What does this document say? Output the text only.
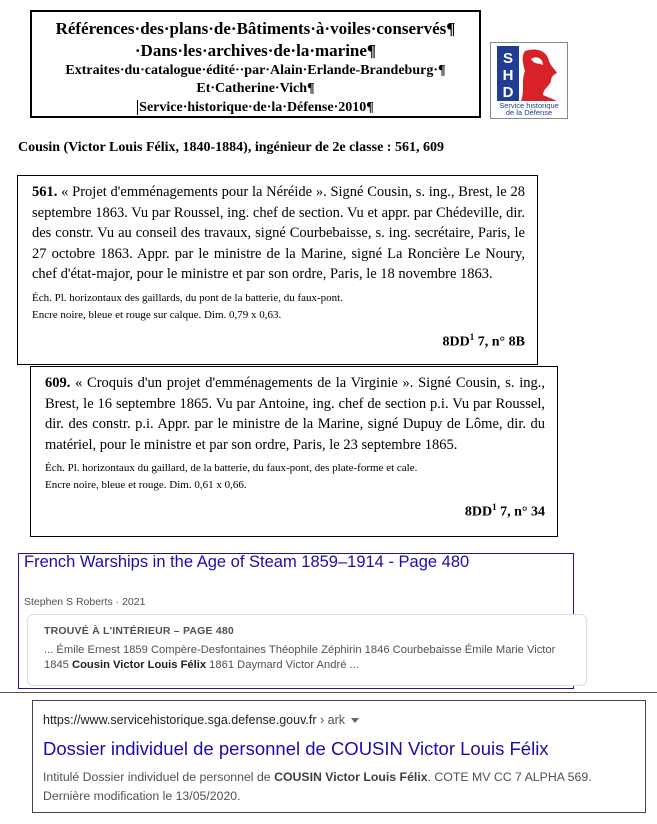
Références·des·plans·de·Bâtiments·à·voiles·conservés¶
·Dans·les·archives·de·la·marine¶
Extraites·du·catalogue·édité··par·Alain·Erlande-Brandeburg·¶
Et·Catherine·Vich¶
Service·historique·de·la·Défense·2010¶
S
H
D
Service historique
de la Défense
Cousin (Victor Louis Félix, 1840-1884), ingénieur de 2e classe : 561, 609
561. « Projet d'emménagements pour la Néréide ». Signé Cousin, s. ing., Brest, le 28 septembre 1863. Vu par Roussel, ing. chef de section. Vu et appr. par Chédeville, dir. des constr. Vu au conseil des travaux, signé Courbebaisse, s. ing. secrétaire, Paris, le 27 octobre 1863. Appr. par le ministre de la Marine, signé La Roncière Le Noury, chef d'état-major, pour le ministre et par son ordre, Paris, le 18 novembre 1863.
Éch. Pl. horizontaux des gaillards, du pont de la batterie, du faux-pont.
Encre noire, bleue et rouge sur calque. Dim. 0,79 x 0,63.
$8DD^1$ 7, n° 8B
609. « Croquis d'un projet d'emménagements de la Virginie ». Signé Cousin, s. ing., Brest, le 16 septembre 1865. Vu par Antoine, ing. chef de section p.i. Vu par Roussel, dir. des constr. p.i. Appr. par le ministre de la Marine, signé Dupuy de Lôme, dir. du matériel, pour le ministre et par son ordre, Paris, le 23 septembre 1865.
Éch. Pl. horizontaux du gaillard, de la batterie, du faux-pont, des plate-forme et cale.
Encre noire, bleue et rouge. Dim. 0,61 x 0,66.
$8DD^1$ 7, n° 34
French Warships in the Age of Steam 1859–1914 - Page 480
Stephen S Roberts · 2021
TROUVÉ À L'INTÉRIEUR – PAGE 480
... Émile Ernest 1859 Compère-Desfontaines Théophile Zéphirin 1846 Courbebaisse Émile Marie Victor 1845 Cousin Victor Louis Félix 1861 Daymard Victor André ...
https://www.servicehistorique.sga.defense.gouv.fr › ark
Dossier individuel de personnel de COUSIN Victor Louis Félix
Intitulé Dossier individuel de personnel de COUSIN Victor Louis Félix. COTE MV CC 7 ALPHA 569. Dernière modification le 13/05/2020.
